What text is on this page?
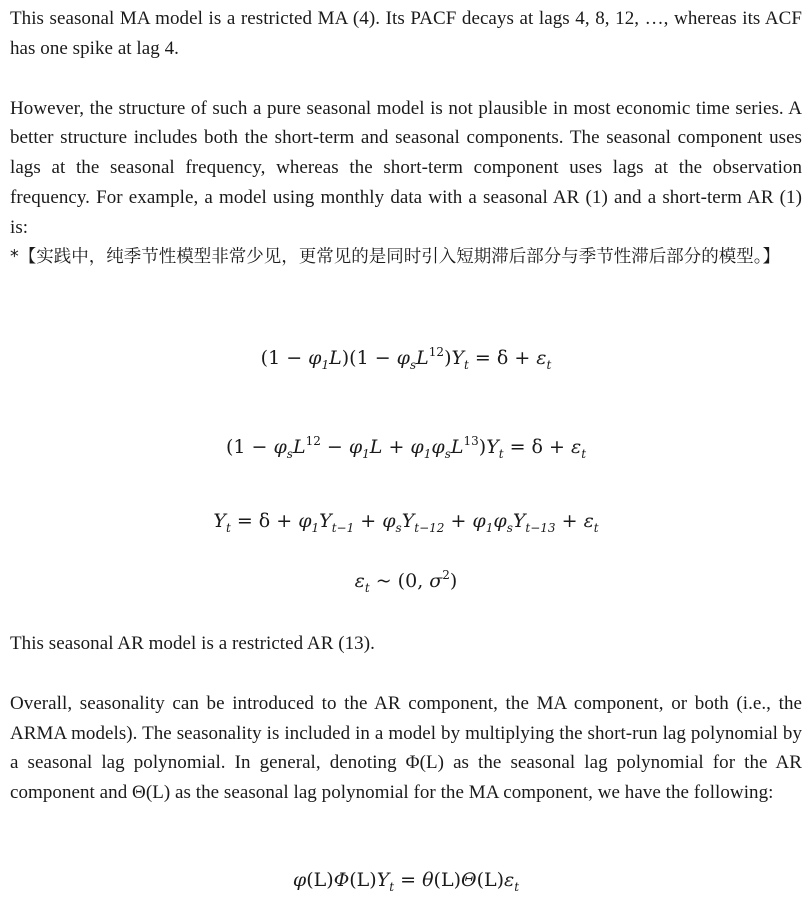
This seasonal MA model is a restricted MA (4). Its PACF decays at lags 4, 8, 12, …, whereas its ACF has one spike at lag 4.

However, the structure of such a pure seasonal model is not plausible in most economic time series. A better structure includes both the short-term and seasonal components. The seasonal component uses lags at the seasonal frequency, whereas the short-term component uses lags at the observation frequency. For example, a model using monthly data with a seasonal AR (1) and a short-term AR (1) is:

*【实践中，纯季节性模型非常少见，更常见的是同时引入短期滞后部分与季节性滞后部分的模型。】

$(1 - \varphi_1L)(1 - \varphi_sL^{12})Y_t = \delta + \varepsilon_t$
$(1 - \varphi_sL^{12} - \varphi_1L + \varphi_1\varphi_sL^{13})Y_t = \delta + \varepsilon_t$
$Y_t = \delta + \varphi_1Y_{t-1} + \varphi_sY_{t-12} + \varphi_1\varphi_sY_{t-13} + \varepsilon_t$
$\varepsilon_t$ ~ (0, $\sigma^2$)

This seasonal AR model is a restricted AR (13).

Overall, seasonality can be introduced to the AR component, the MA component, or both (i.e., the ARMA models). The seasonality is included in a model by multiplying the short-run lag polynomial by a seasonal lag polynomial. In general, denoting Φ(L) as the seasonal lag polynomial for the AR component and Θ(L) as the seasonal lag polynomial for the MA component, we have the following:

$\varphi(L)\Phi(L)Y_t = \theta(L)\Theta(L)\varepsilon_t$
